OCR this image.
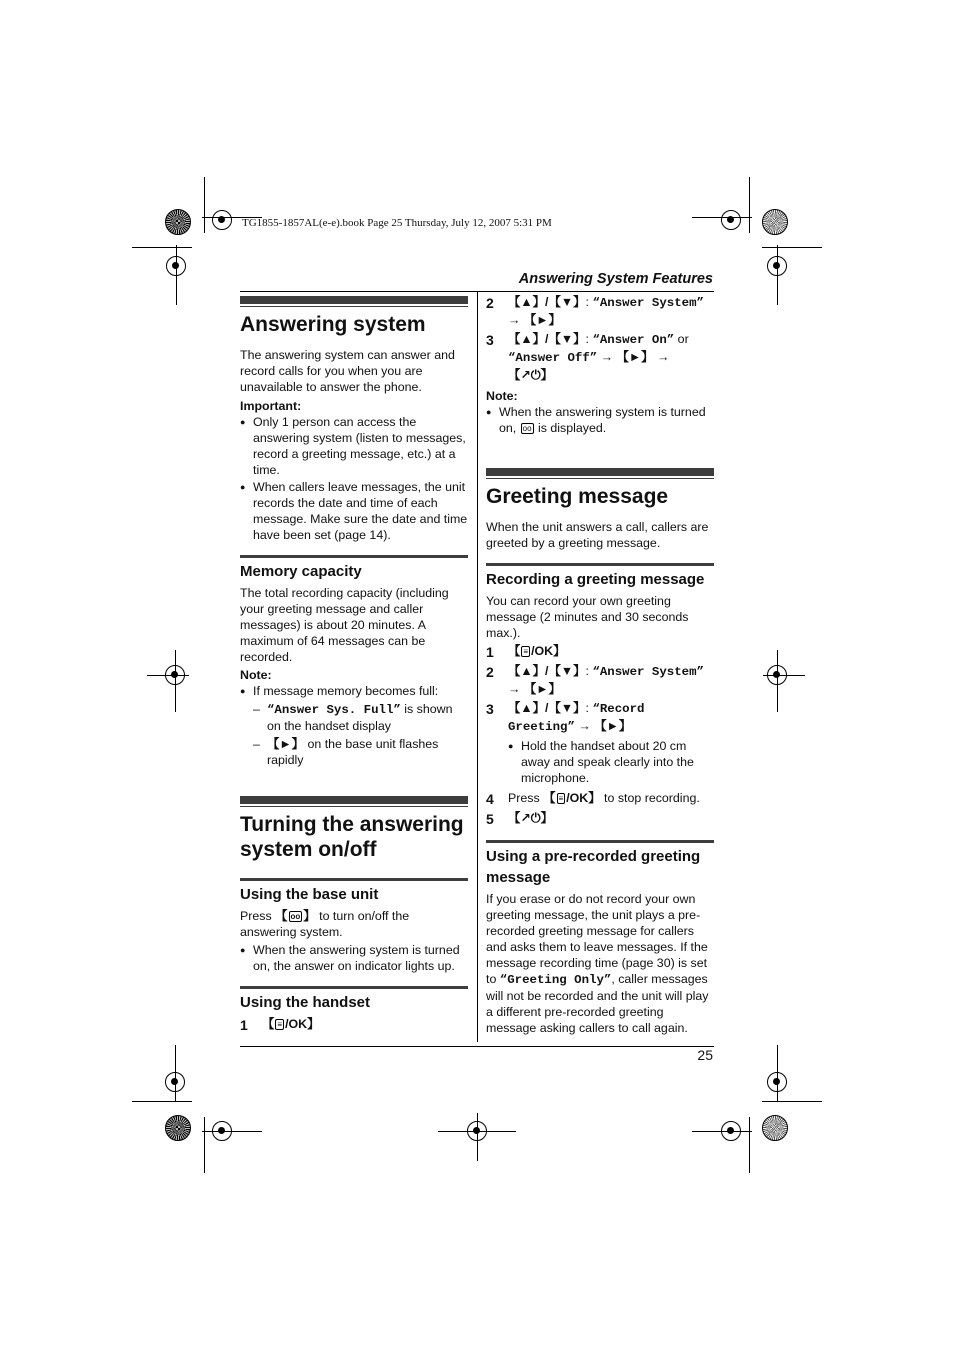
TG1855-1857AL(e-e).book Page 25 Thursday, July 12, 2007 5:31 PM
Answering System Features
Answering system

The answering system can answer and record calls for you when you are unavailable to answer the phone.

Important:

● Only 1 person can access the answering system (listen to messages, record a greeting message, etc.) at a time.
● When callers leave messages, the unit records the date and time of each message. Make sure the date and time have been set (page 14).
Memory capacity

The total recording capacity (including your greeting message and caller messages) is about 20 minutes. A maximum of 64 messages can be recorded.

Note:

● If message memory becomes full:
– “Answer Sys. Full” is shown on the handset display
– 【►】 on the base unit flashes rapidly
Turning the answering system on/off
Using the base unit

Press 【 oo 】 to turn on/off the answering system.

● When the answering system is turned on, the answer on indicator lights up.
Using the handset
1	【 ≡ /OK】
2	【▲】/【▼】: “Answer System” → 【►】
3	【▲】/【▼】: “Answer On” or “Answer Off” → 【►】 → 【↗⏻】

Note:

● When the answering system is turned on, oo is displayed.
Greeting message

When the unit answers a call, callers are greeted by a greeting message.

Recording a greeting message

You can record your own greeting message (2 minutes and 30 seconds max.).

1	【 ≡ /OK】
2	【▲】/【▼】: “Answer System” → 【►】
3	【▲】/【▼】: “Record Greeting” → 【►】
● Hold the handset about 20 cm away and speak clearly into the microphone.
4	Press 【 ≡ /OK】 to stop recording.
5	【↗⏻】
Using a pre-recorded greeting message

If you erase or do not record your own greeting message, the unit plays a pre-recorded greeting message for callers and asks them to leave messages. If the message recording time (page 30) is set to “Greeting Only”, caller messages will not be recorded and the unit will play a different pre-recorded greeting message asking callers to call again.

25
